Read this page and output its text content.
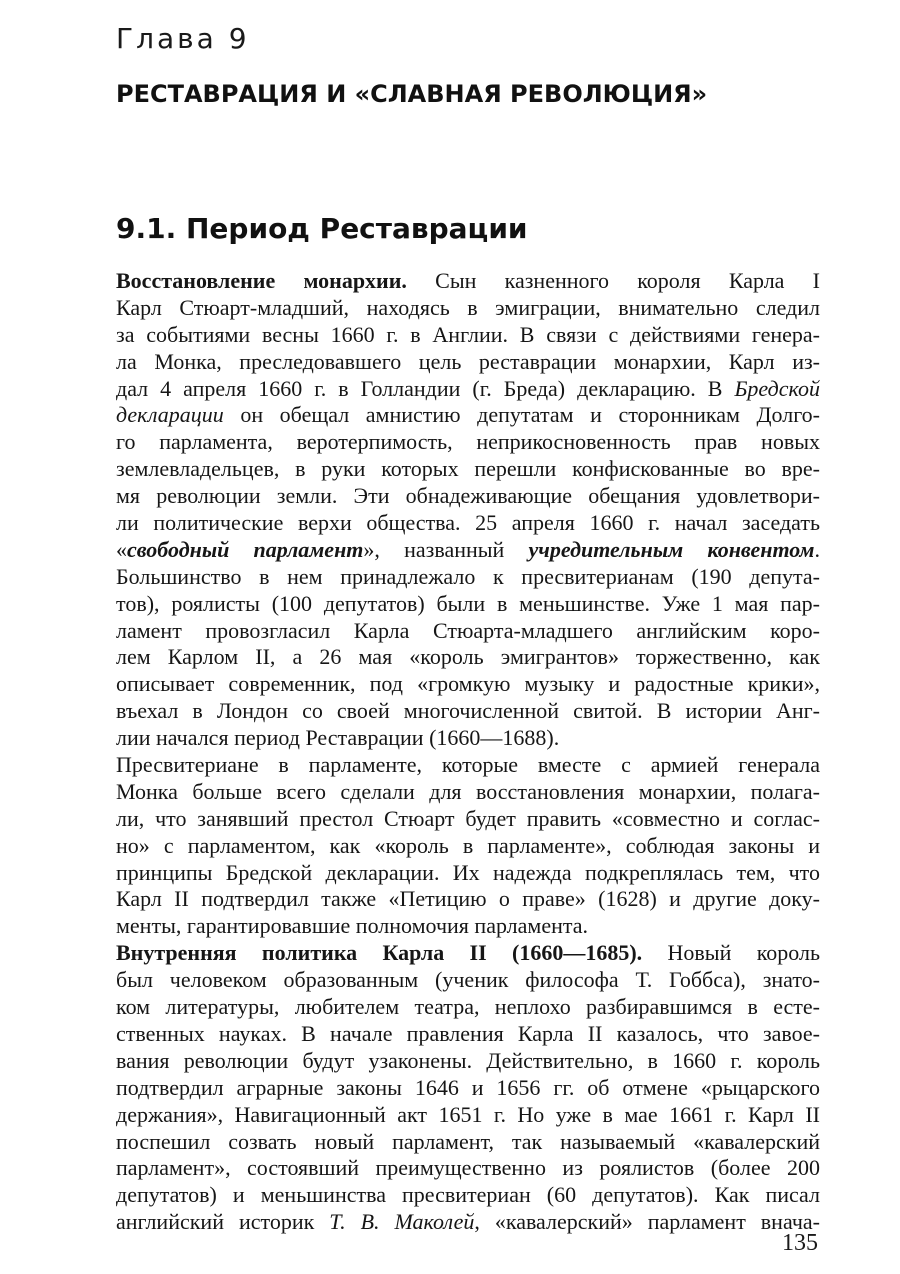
Глава 9
РЕСТАВРАЦИЯ И «СЛАВНАЯ РЕВОЛЮЦИЯ»
9.1. Период Реставрации
Восстановление монархии. Сын казненного короля Карла I
Карл Стюарт-младший, находясь в эмиграции, внимательно следил
за событиями весны 1660 г. в Англии. В связи с действиями генера-
ла Монка, преследовавшего цель реставрации монархии, Карл из-
дал 4 апреля 1660 г. в Голландии (г. Бреда) декларацию. В Бредской
декларации он обещал амнистию депутатам и сторонникам Долго-
го парламента, веротерпимость, неприкосновенность прав новых
землевладельцев, в руки которых перешли конфискованные во вре-
мя революции земли. Эти обнадеживающие обещания удовлетвори-
ли политические верхи общества. 25 апреля 1660 г. начал заседать
«свободный парламент», названный учредительным конвентом.
Большинство в нем принадлежало к пресвитерианам (190 депута-
тов), роялисты (100 депутатов) были в меньшинстве. Уже 1 мая пар-
ламент провозгласил Карла Стюарта-младшего английским коро-
лем Карлом II, а 26 мая «король эмигрантов» торжественно, как
описывает современник, под «громкую музыку и радостные крики»,
въехал в Лондон со своей многочисленной свитой. В истории Анг-
лии начался период Реставрации (1660—1688).
Пресвитериане в парламенте, которые вместе с армией генерала
Монка больше всего сделали для восстановления монархии, полага-
ли, что занявший престол Стюарт будет править «совместно и соглас-
но» с парламентом, как «король в парламенте», соблюдая законы и
принципы Бредской декларации. Их надежда подкреплялась тем, что
Карл II подтвердил также «Петицию о праве» (1628) и другие доку-
менты, гарантировавшие полномочия парламента.
Внутренняя политика Карла II (1660—1685). Новый король
был человеком образованным (ученик философа Т. Гоббса), знато-
ком литературы, любителем театра, неплохо разбиравшимся в есте-
ственных науках. В начале правления Карла II казалось, что завое-
вания революции будут узаконены. Действительно, в 1660 г. король
подтвердил аграрные законы 1646 и 1656 гг. об отмене «рыцарского
держания», Навигационный акт 1651 г. Но уже в мае 1661 г. Карл II
поспешил созвать новый парламент, так называемый «кавалерский
парламент», состоявший преимущественно из роялистов (более 200
депутатов) и меньшинства пресвитериан (60 депутатов). Как писал
английский историк Т. В. Маколей, «кавалерский» парламент внача-
135
